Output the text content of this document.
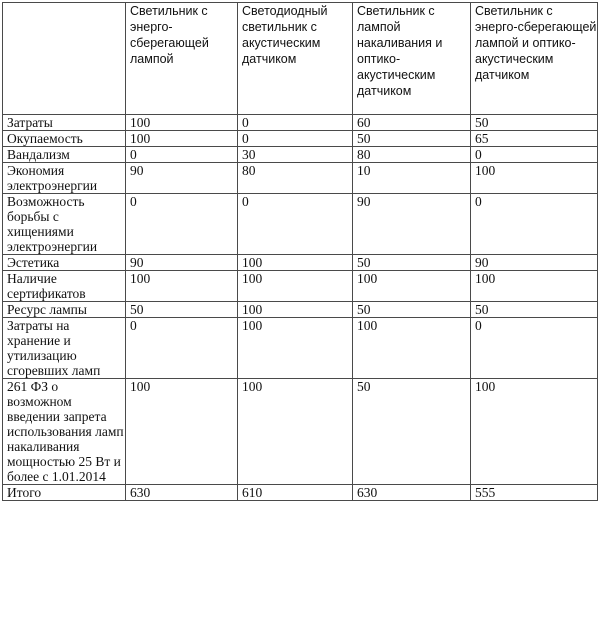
	Светильник с энерго-сберегающей лампой	Светодиодный светильник с акустическим датчиком	Светильник с лампой накаливания и оптико-акустическим датчиком	Светильник с энерго-сберегающей лампой и оптико-акустическим датчиком

Затраты	100	0	60	50
Окупаемость	100	0	50	65
Вандализм	0	30	80	0
Экономия электроэнергии	90	80	10	100
Возможность борьбы с хищениями электроэнергии	0	0	90	0
Эстетика	90	100	50	90
Наличие сертификатов	100	100	100	100
Ресурс лампы	50	100	50	50
Затраты на хранение и утилизацию сгоревших ламп	0	100	100	0
261 ФЗ о возможном введении запрета использования ламп накаливания мощностью 25 Вт и более с 1.01.2014	100	100	50	100
Итого	630	610	630	555
